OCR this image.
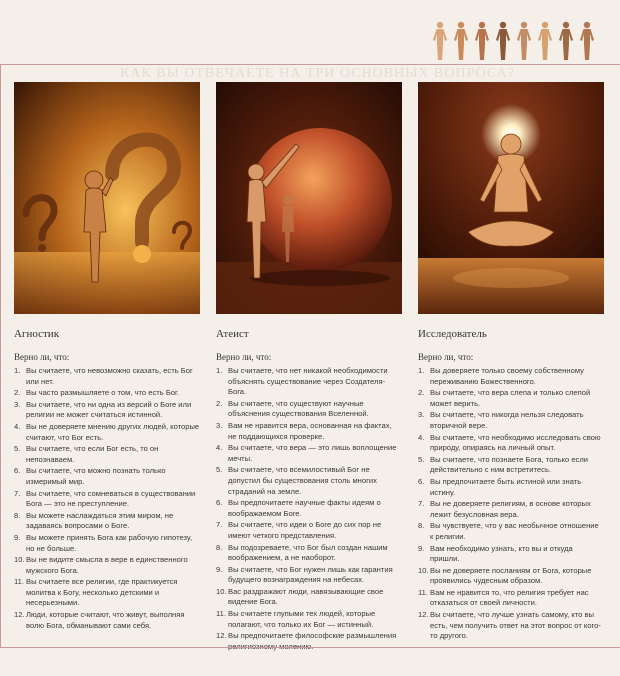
КАК ВЫ ОТВЕЧАЕТЕ НА ТРИ ОСНОВНЫХ ВОПРОСА?
Агностик
Верно ли, что:
1. Вы считаете, что невозможно сказать, есть Бог или нет.
2. Вы часто размышляете о том, что есть Бог.
3. Вы считаете, что ни одна из версий о Боге или религии не может считаться истинной.
4. Вы не доверяете мнению других людей, которые считают, что Бог есть.
5. Вы считаете, что если Бог есть, то он непознаваем.
6. Вы считаете, что можно познать только измеримый мир.
7. Вы считаете, что сомневаться в существовании Бога — это не преступление.
8. Вы можете наслаждаться этим миром, не задаваясь вопросами о Боге.
9. Вы можете принять Бога как рабочую гипотезу, но не больше.
10. Вы не видите смысла в вере в единственного мужского Бога.
11. Вы считаете все религии, где практикуется молитва к Богу, несколько детскими и несерьезными.
12. Люди, которые считают, что живут, выполняя волю Бога, обманывают сами себя.
Атеист
Верно ли, что:
1. Вы считаете, что нет никакой необходимости объяснять существование через Создателя-Бога.
2. Вы считаете, что существуют научные объяснения существования Вселенной.
3. Вам не нравится вера, основанная на фактах, не поддающихся проверке.
4. Вы считаете, что вера — это лишь воплощение мечты.
5. Вы считаете, что всемилостивый Бог не допустил бы существования столь многих страданий на земле.
6. Вы предпочитаете научные факты идеям о воображаемом Боге.
7. Вы считаете, что идеи о Боге до сих пор не имеют четкого представления.
8. Вы подозреваете, что Бог был создан нашим воображением, а не наоборот.
9. Вы считаете, что Бог нужен лишь как гарантия будущего вознаграждения на небесах.
10. Вас раздражают люди, навязывающие свое видение Бога.
11. Вы считаете глупыми тех людей, которые полагают, что только их Бог — истинный.
12. Вы предпочитаете философские размышления
Исследователь
Верно ли, что:
1. Вы доверяете только своему собственному переживанию Божественного.
2. Вы считаете, что вера слепа и только слепой может верить.
3. Вы считаете, что никогда нельзя следовать вторичной вере.
4. Вы считаете, что необходимо исследовать свою природу, опираясь на личный опыт.
5. Вы считаете, что познаете Бога, только если действительно с ним встретитесь.
6. Вы предпочитаете быть истиной или знать истину.
7. Вы не доверяете религиям, в основе которых лежит безусловная вера.
8. Вы чувствуете, что у вас необычное отношение к религии.
9. Вам необходимо узнать, кто вы и откуда пришли.
10. Вы не доверяете посланиям от Бога, которые проявились чудесным образом.
11. Вам не нравится то, что религия требует нас отказаться от своей личности.
12. Вы считаете, что лучше узнать самому, кто вы есть, чем получить ответ на этот вопрос от кого-то другого.
